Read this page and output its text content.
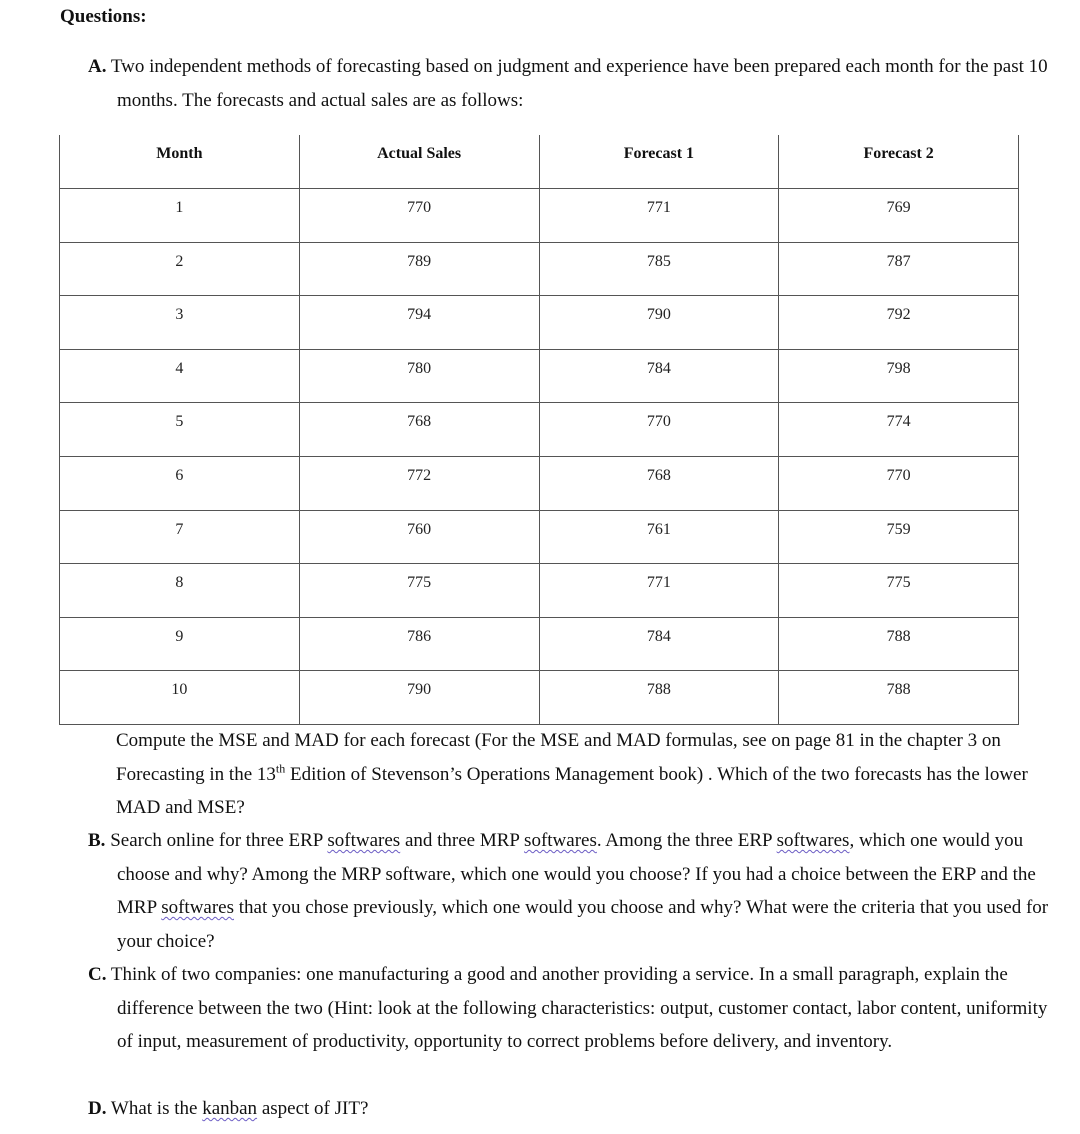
Questions:
A. Two independent methods of forecasting based on judgment and experience have been prepared each month for the past 10 months. The forecasts and actual sales are as follows:
Month	Actual Sales	Forecast 1	Forecast 2
1	770	771	769
2	789	785	787
3	794	790	792
4	780	784	798
5	768	770	774
6	772	768	770
7	760	761	759
8	775	771	775
9	786	784	788
10	790	788	788
Compute the MSE and MAD for each forecast (For the MSE and MAD formulas, see on page 81 in the chapter 3 on Forecasting in the 13th Edition of Stevenson’s Operations Management book) . Which of the two forecasts has the lower MAD and MSE?
B. Search online for three ERP softwares and three MRP softwares. Among the three ERP softwares, which one would you choose and why? Among the MRP software, which one would you choose? If you had a choice between the ERP and the MRP softwares that you chose previously, which one would you choose and why? What were the criteria that you used for your choice?
C. Think of two companies: one manufacturing a good and another providing a service. In a small paragraph, explain the difference between the two (Hint: look at the following characteristics: output, customer contact, labor content, uniformity of input, measurement of productivity, opportunity to correct problems before delivery, and inventory.
D. What is the kanban aspect of JIT?
